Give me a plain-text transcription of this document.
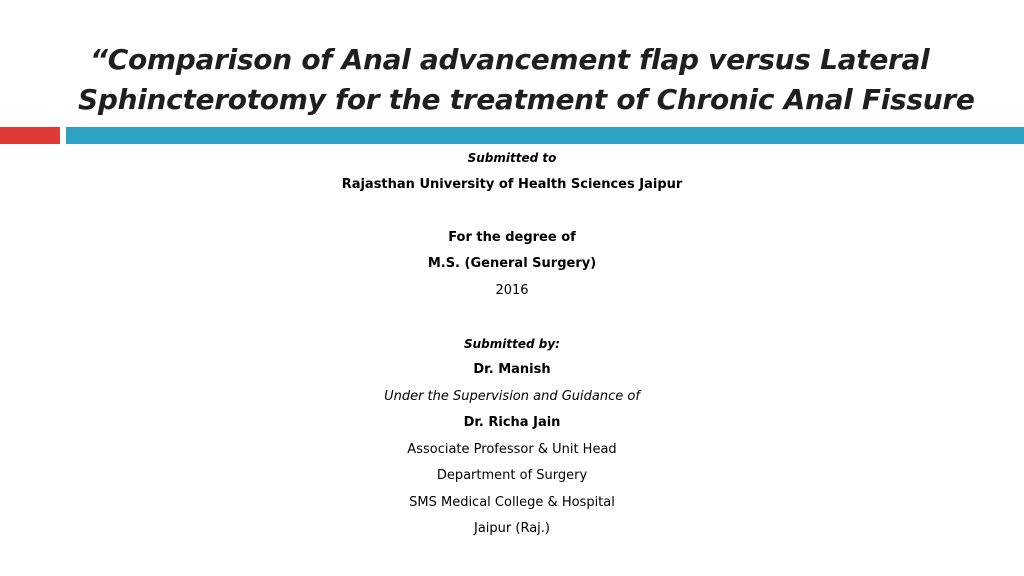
“Comparison of Anal advancement flap versus Lateral
Sphincterotomy for the treatment of Chronic Anal Fissure
Submitted to
Rajasthan University of Health Sciences Jaipur
For the degree of
M.S. (General Surgery)
2016
Submitted by:
Dr. Manish
Under the Supervision and Guidance of
Dr. Richa Jain
Associate Professor & Unit Head
Department of Surgery
SMS Medical College & Hospital
Jaipur (Raj.)
